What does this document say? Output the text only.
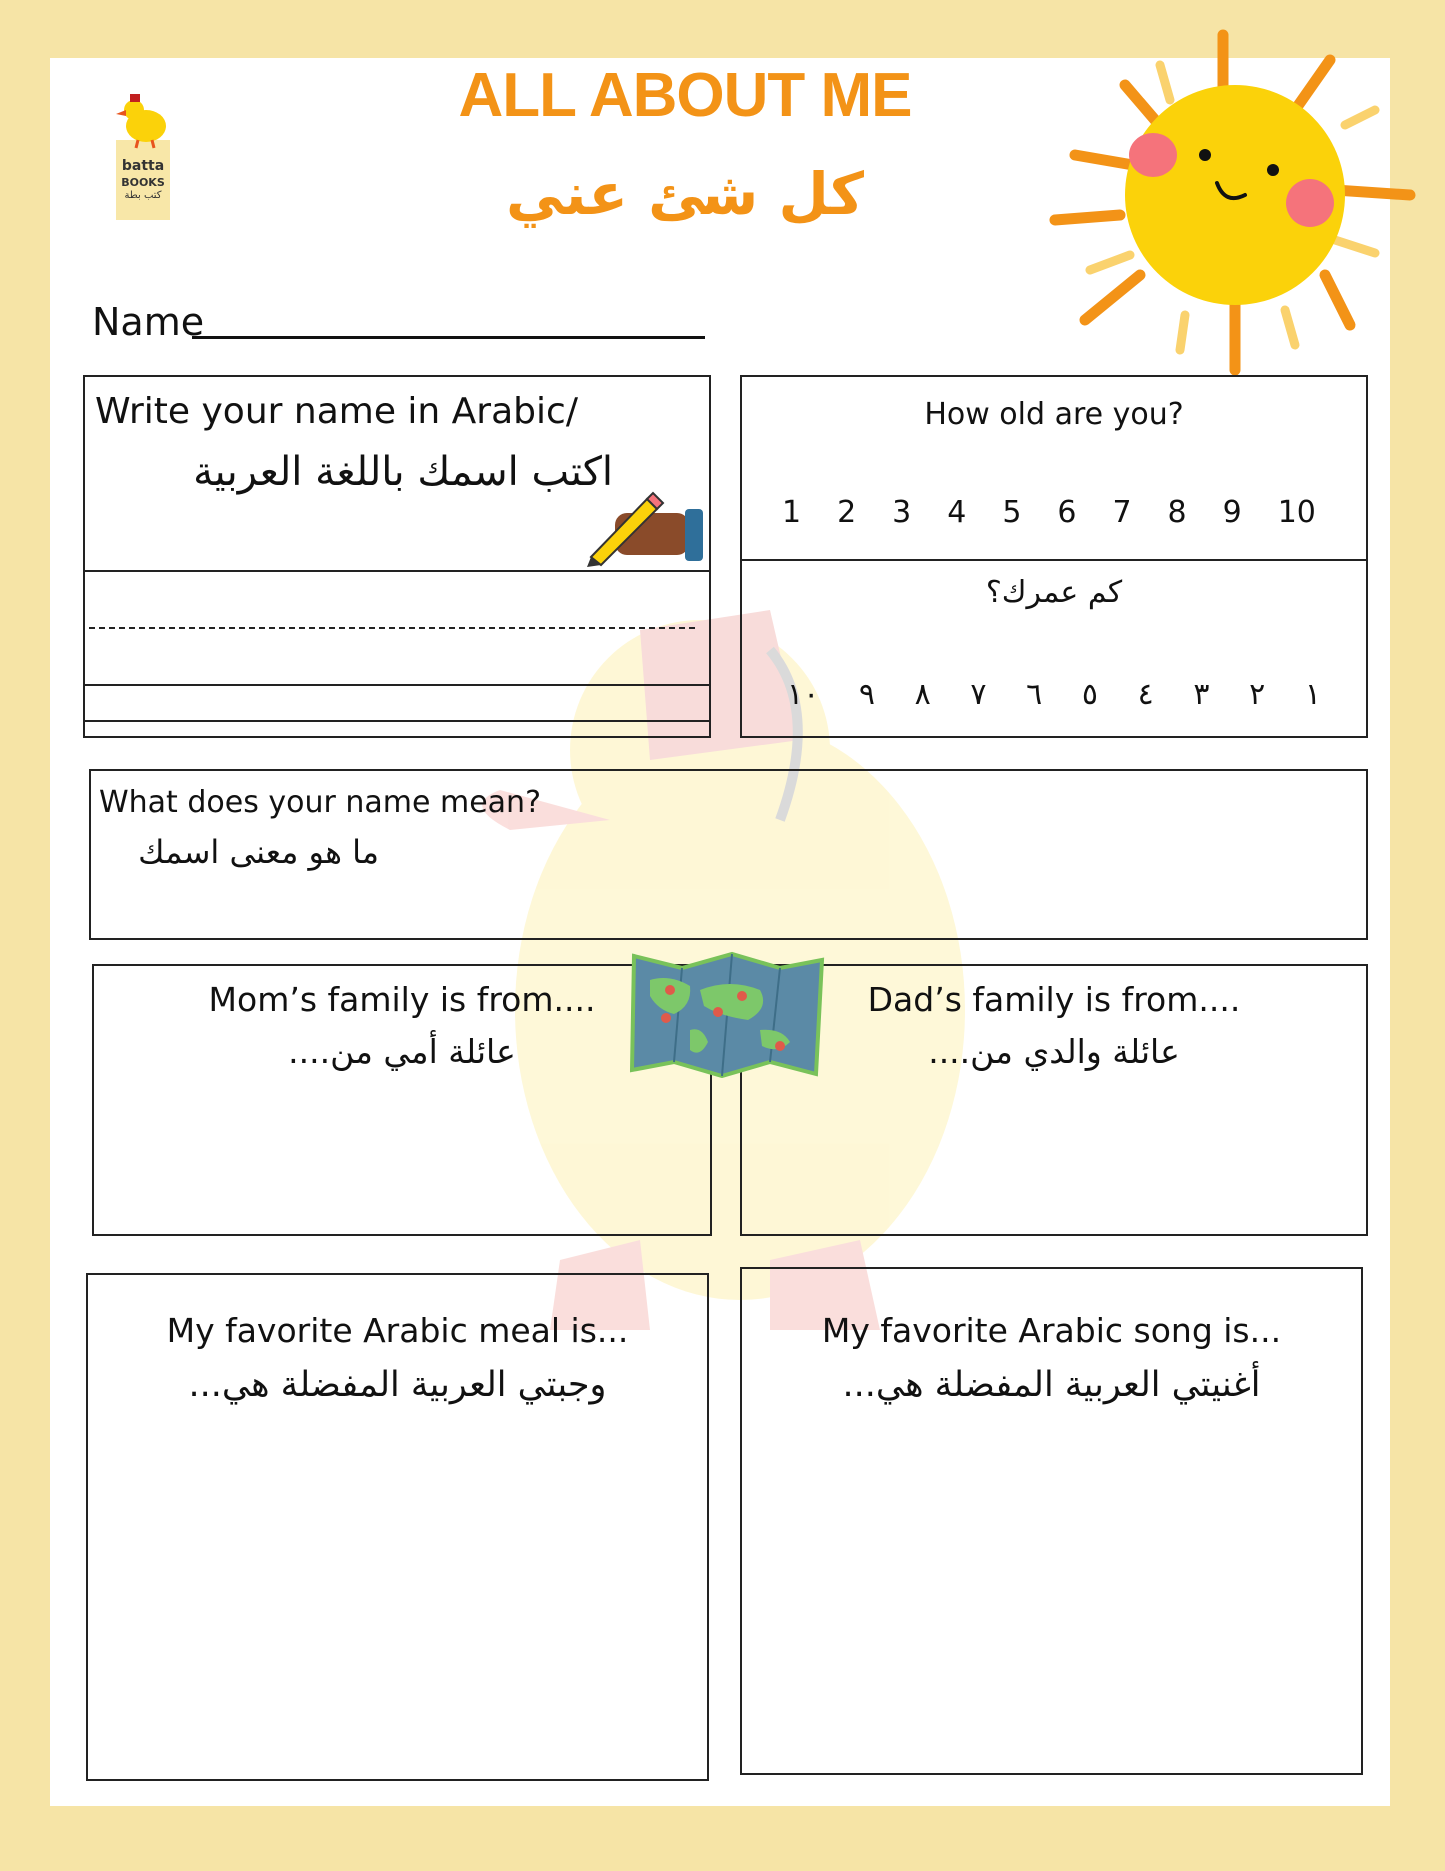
batta
BOOKS
كتب بطة
ALL ABOUT ME
كل شئ عني
Name
Write your name in Arabic/
اكتب اسمك باللغة العربية
How old are you?
1 2 3 4 5 6 7 8 9 10
كم عمرك؟
١
٢
٣
٤
٥
٦
٧
٨
٩
١٠
What does your name mean?
ما هو معنى اسمك
Mom’s family is from....
عائلة أمي من....
Dad’s family is from....
عائلة والدي من....
My favorite Arabic meal is...
وجبتي العربية المفضلة هي...
My favorite Arabic song is...
أغنيتي العربية المفضلة هي...
